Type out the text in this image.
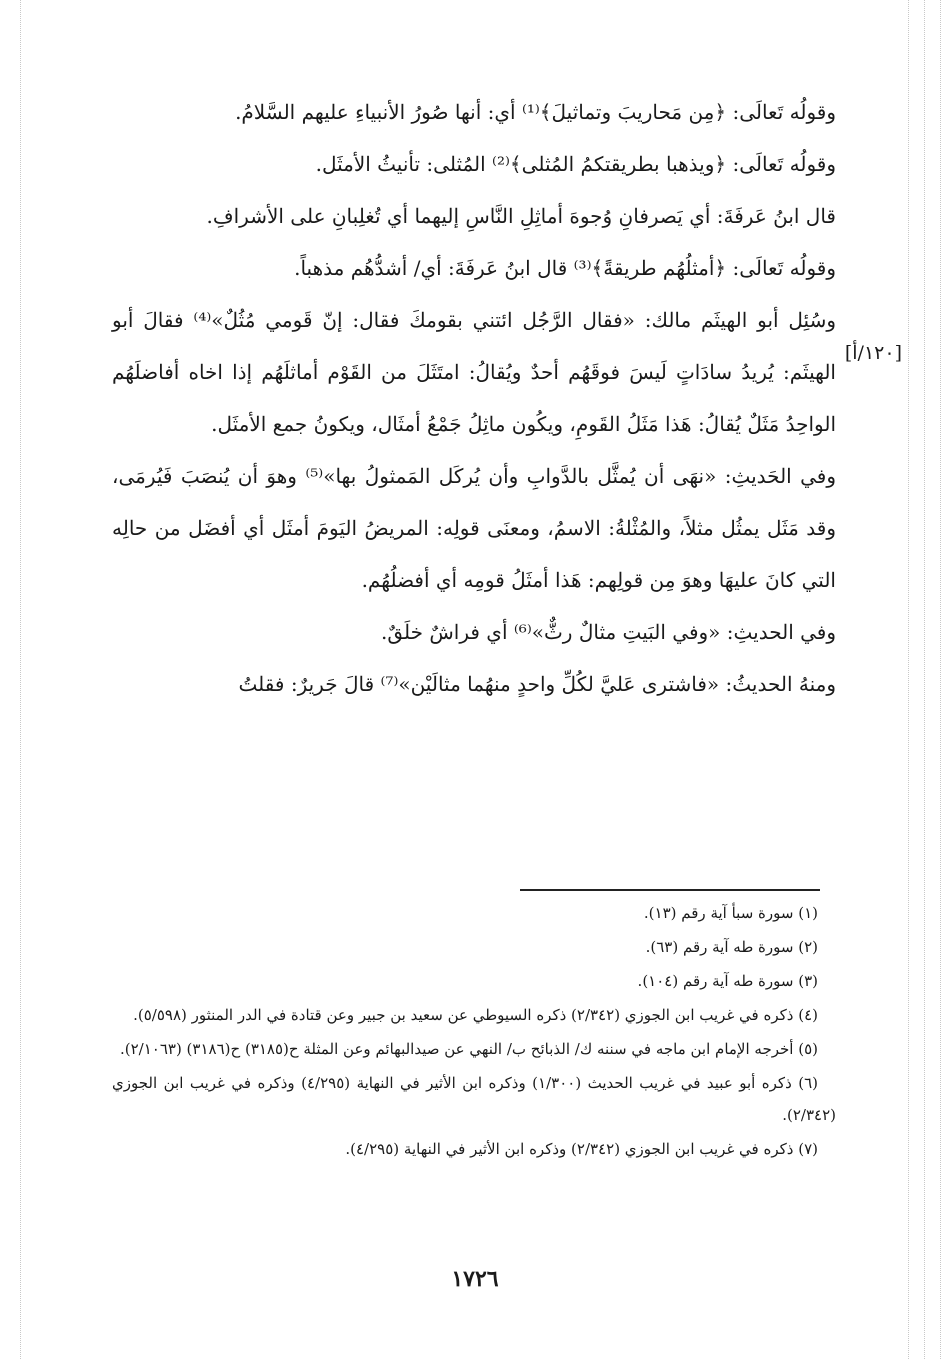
[١٢٠/أ]

وقولُه تَعالَى: ﴿مِن مَحاريبَ وتماثيلَ﴾⁽¹⁾ أي: أنها صُورُ الأنبياءِ عليهم السَّلامُ.

وقولُه تَعالَى: ﴿ويذهبا بطريقتكمُ المُثلى﴾⁽²⁾ المُثلى: تأنيثُ الأمثَل.

قال ابنُ عَرفَةَ: أي يَصرفانِ وُجوهَ أماثِلِ النَّاسِ إليهما أي تُغلِبانِ على الأشرافِ.

وقولُه تَعالَى: ﴿أمثلُهُم طريقةً﴾⁽³⁾ قال ابنُ عَرفَةَ: أي/ أشدُّهُم مذهباً.

وسُئِل أبو الهيثَم مالك: «فقال الرَّجُل ائتني بقومكَ فقال: إنّ قَومي مُثُلٌ»⁽⁴⁾ فقالَ أبو الهيثَم: يُريدُ سادَاتٍ لَيسَ فوقَهُم أحدٌ ويُقالُ: امتَثَلَ من القَوْم أماثلَهُم إذا اخاه أفاضلَهُم الواحِدُ مَثَلٌ يُقالُ: هَذا مَثَلُ القَومِ، ويكُون ماثِلُ جَمْعُ أمثَال، ويكونُ جمع الأمثَل.

وفي الحَديثِ: «نهَى أن يُمثَّل بالدَّوابِ وأن يُركَل المَمثولُ بها»⁽⁵⁾ وهوَ أن يُنصَبَ فَيُرمَى، وقد مَثَل يمثُل مثلاً، والمُثْلةُ: الاسمُ، ومعنَى قولِه: المريضُ اليَومَ أمثَل أي أفضَل من حالِه التي كانَ عليهَا وهوَ مِن قولِهم: هَذا أمثَلُ قومِه أي أفضلُهُم.

وفي الحديثِ: «وفي البَيتِ مثالٌ رثٌّ»⁽⁶⁾ أي فراشٌ خلَقٌ.

ومنهُ الحديثُ: «فاشترى عَليَّ لكُلِّ واحدٍ منهُما مثالَيْن»⁽⁷⁾ قالَ جَريرٌ: فقلتُ

(١) سورة سبأ آية رقم (١٣).

(٢) سورة طه آية رقم (٦٣).

(٣) سورة طه آية رقم (١٠٤).

(٤) ذكره في غريب ابن الجوزي (٢/٣٤٢) ذكره السيوطي عن سعيد بن جبير وعن قتادة في الدر المنثور (٥/٥٩٨).

(٥) أخرجه الإمام ابن ماجه في سننه ك/ الذبائح ب/ النهي عن صيدالبهائم وعن المثلة ح(٣١٨٥) ح(٣١٨٦) (٢/١٠٦٣).

(٦) ذكره أبو عبيد في غريب الحديث (١/٣٠٠) وذكره ابن الأثير في النهاية (٤/٢٩٥) وذكره في غريب ابن الجوزي (٢/٣٤٢).

(٧) ذكره في غريب ابن الجوزي (٢/٣٤٢) وذكره ابن الأثير في النهاية (٤/٢٩٥).

١٧٢٦
